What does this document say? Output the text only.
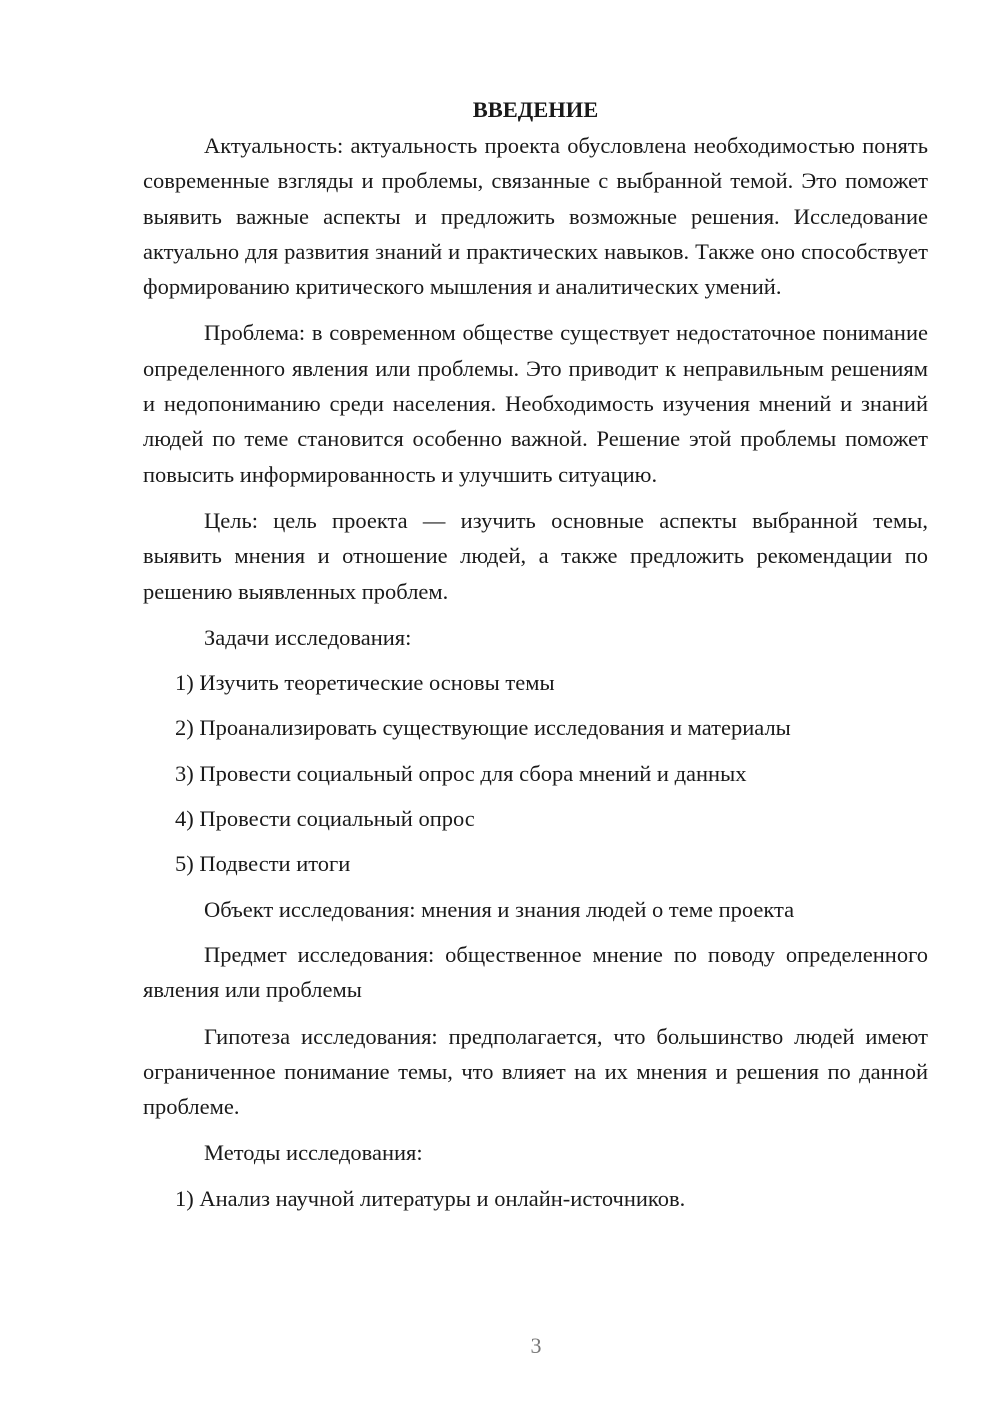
ВВЕДЕНИЕ

Актуальность: актуальность проекта обусловлена необходимостью понять современные взгляды и проблемы, связанные с выбранной темой. Это поможет выявить важные аспекты и предложить возможные решения. Исследование актуально для развития знаний и практических навыков. Также оно способствует формированию критического мышления и аналитических умений.

Проблема: в современном обществе существует недостаточное понимание определенного явления или проблемы. Это приводит к неправильным решениям и недопониманию среди населения. Необходимость изучения мнений и знаний людей по теме становится особенно важной. Решение этой проблемы поможет повысить информированность и улучшить ситуацию.

Цель: цель проекта — изучить основные аспекты выбранной темы, выявить мнения и отношение людей, а также предложить рекомендации по решению выявленных проблем.

Задачи исследования:

1) Изучить теоретические основы темы

2) Проанализировать существующие исследования и материалы

3) Провести социальный опрос для сбора мнений и данных

4) Провести социальный опрос

5) Подвести итоги

Объект исследования: мнения и знания людей о теме проекта

Предмет исследования: общественное мнение по поводу определенного явления или проблемы

Гипотеза исследования: предполагается, что большинство людей имеют ограниченное понимание темы, что влияет на их мнения и решения по данной проблеме.

Методы исследования:

1) Анализ научной литературы и онлайн-источников.

3
